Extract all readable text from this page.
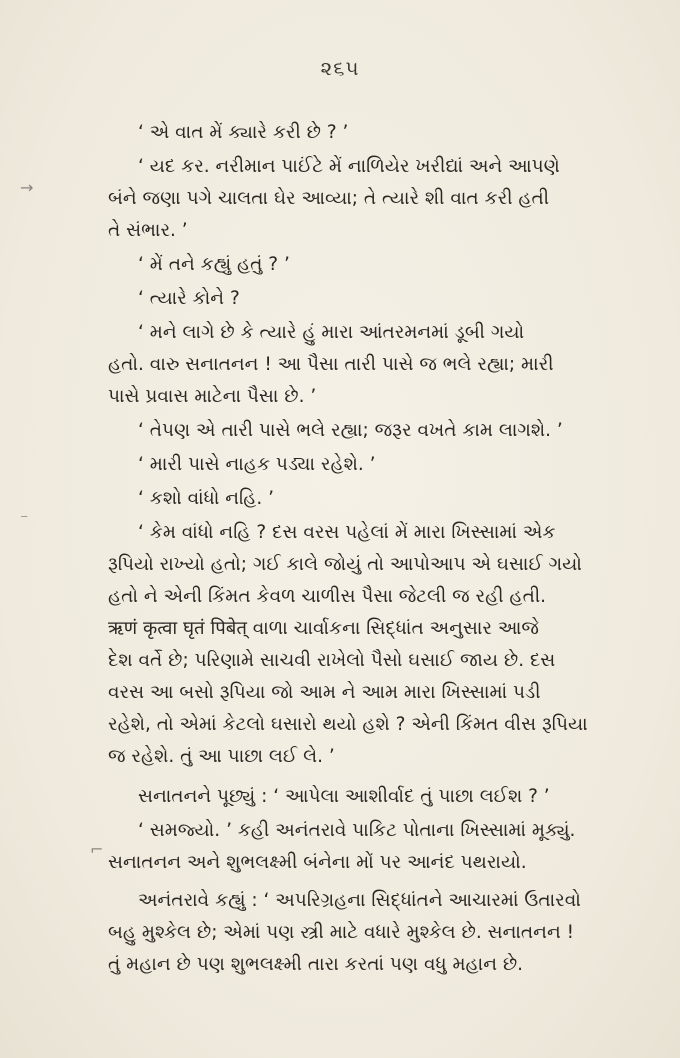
૨૬૫
→
⁻
⌐
‘ એ વાત મેં ક્યારે કરી છે ? ’
‘ યદ કર. નરીમાન પાઈંટે મેં નાળિયેર ખરીદ્યાં અને આપણે
બંને જણા પગે ચાલતા ઘેર આવ્યા; તે ત્યારે શી વાત કરી હતી
તે સંભાર. ’
‘ મેં તને કહ્યું હતું ? ’
‘ ત્યારે કોને ?
‘ મને લાગે છે કે ત્યારે હું મારા આંતરમનમાં ડૂબી ગયો
હતો. વારુ સનાતનન ! આ પૈસા તારી પાસે જ ભલે રહ્યા; મારી
પાસે પ્રવાસ માટેના પૈસા છે. ’
‘ તેપણ એ તારી પાસે ભલે રહ્યા; જરૂર વખતે કામ લાગશે. ’
‘ મારી પાસે નાહક પડ્યા રહેશે. ’
‘ કશો વાંધો નહિ. ’
‘ કેમ વાંધો નહિ ? દસ વરસ પહેલાં મેં મારા ખિસ્સામાં એક
રૂપિયો રાખ્યો હતો; ગઈ કાલે જોયું તો આપોઆપ એ ઘસાઈ ગયો
હતો ને એની કિંમત કેવળ ચાળીસ પૈસા જેટલી જ રહી હતી.
ऋणं कृत्वा घृतं पिबेत् વાળા ચાર્વાકના સિદ્ધાંત અનુસાર આજે
દેશ વર્તે છે; પરિણામે સાચવી રાખેલો પૈસો ઘસાઈ જાય છે. દસ
વરસ આ બસો રૂપિયા જો આમ ને આમ મારા ખિસ્સામાં પડી
રહેશે, તો એમાં કેટલો ઘસારો થયો હશે ? એની કિંમત વીસ રૂપિયા
જ રહેશે. તું આ પાછા લઈ લે. ’
સનાતનને પૂછ્યું : ‘ આપેલા આશીર્વાદ તું પાછા લઈશ ? ’
‘ સમજ્યો. ’ કહી અનંતરાવે પાકિટ પોતાના ખિસ્સામાં મૂક્યું.
સનાતનન અને શુભલક્ષ્મી બંનેના મોં પર આનંદ પથરાયો.
અનંતરાવે કહ્યું : ‘ અપરિગ્રહના સિદ્ધાંતને આચારમાં ઉતારવો
બહુ મુશ્કેલ છે; એમાં પણ સ્ત્રી માટે વધારે મુશ્કેલ છે. સનાતનન !
તું મહાન છે પણ શુભલક્ષ્મી તારા કરતાં પણ વધુ મહાન છે.
